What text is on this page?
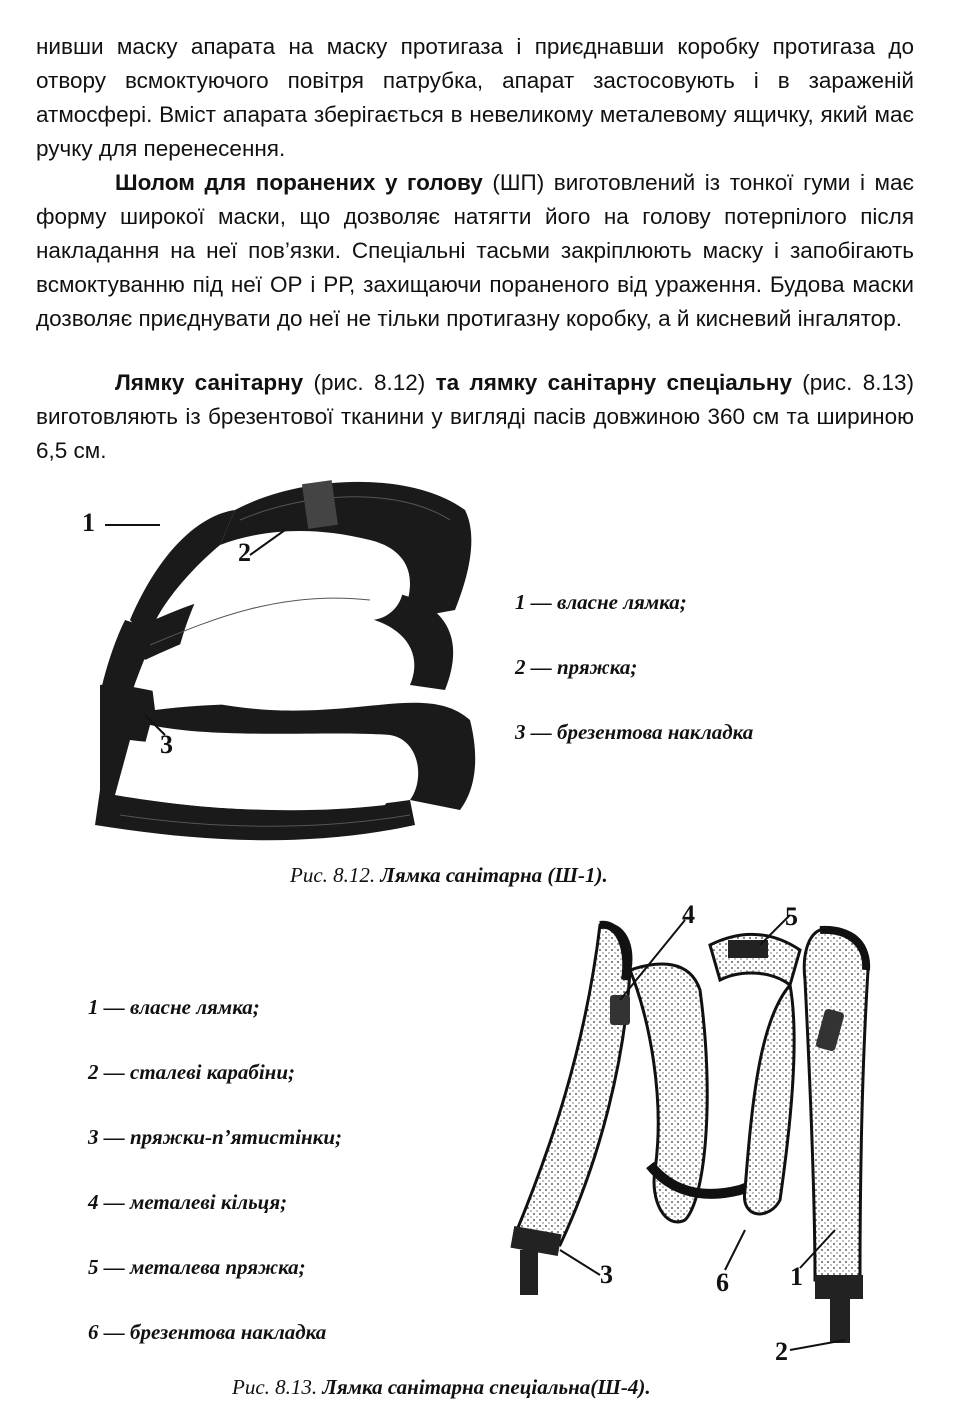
нивши маску апарата на маску протигаза і приєднавши коробку протигаза до отвору всмоктуючого повітря патрубка, апарат застосовують і в зараженій атмосфері. Вміст апарата зберігається в невеликому металевому ящичку, який має ручку для перенесення.
Шолом для поранених у голову (ШП) виготовлений із тонкої гуми і має форму широкої маски, що дозволяє натягти його на голову потерпілого після накладання на неї пов’язки. Спеціальні тасьми закріплюють маску і запобігають всмоктуванню під неї ОР і РР, захищаючи пораненого від ураження. Будова маски дозволяє приєднувати до неї не тільки протигазну коробку, а й кисневий інгалятор.
Лямку санітарну (рис. 8.12) та лямку санітарну спеціальну (рис. 8.13) виготовляють із брезентової тканини у вигляді пасів довжиною 360 см та шириною 6,5 см.
1
2
3
1 — власне лямка;
2 — пряжка;
3 — брезентова накладка
Рис. 8.12. Лямка санітарна (Ш-1).
1 — власне лямка;
2 — сталеві карабіни;
3 — пряжки-п’ятистінки;
4 — металеві кільця;
5 — металева пряжка;
6 — брезентова накладка
3
2
4	5
6 1
Рис. 8.13. Лямка санітарна спеціальна(Ш-4).
